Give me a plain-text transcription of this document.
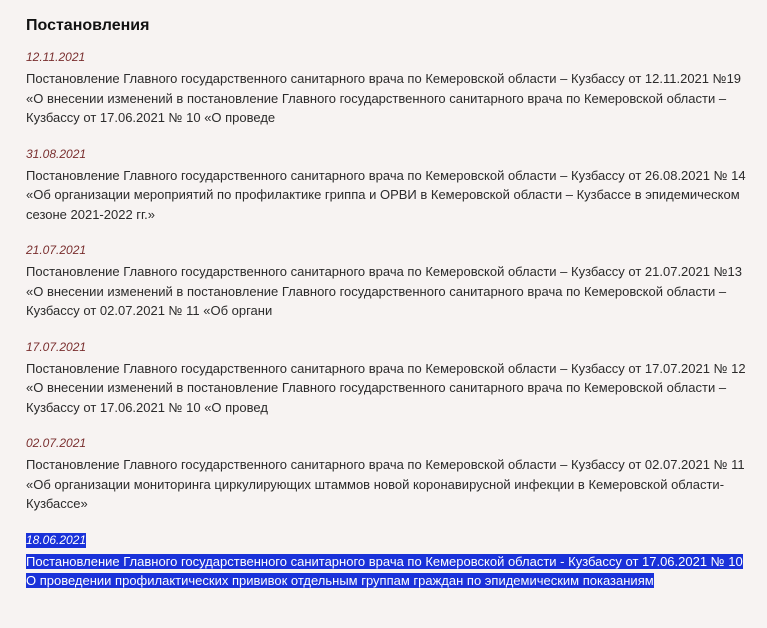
Постановления
12.11.2021
Постановление Главного государственного санитарного врача по Кемеровской области – Кузбассу от 12.11.2021 №19 «О внесении изменений в постановление Главного государственного санитарного врача по Кемеровской области – Кузбассу от 17.06.2021 № 10 «О проведе
31.08.2021
Постановление Главного государственного санитарного врача по Кемеровской области – Кузбассу от 26.08.2021 № 14 «Об организации мероприятий по профилактике гриппа и ОРВИ в Кемеровской области – Кузбассе в эпидемическом сезоне 2021-2022 гг.»
21.07.2021
Постановление Главного государственного санитарного врача по Кемеровской области – Кузбассу от 21.07.2021 №13 «О внесении изменений в постановление Главного государственного санитарного врача по Кемеровской области – Кузбассу от 02.07.2021 № 11 «Об органи
17.07.2021
Постановление Главного государственного санитарного врача по Кемеровской области – Кузбассу от 17.07.2021 № 12 «О внесении изменений в постановление Главного государственного санитарного врача по Кемеровской области – Кузбассу от 17.06.2021 № 10 «О провед
02.07.2021
Постановление Главного государственного санитарного врача по Кемеровской области – Кузбассу от 02.07.2021 № 11 «Об организации мониторинга циркулирующих штаммов новой коронавирусной инфекции в Кемеровской области-Кузбассе»
18.06.2021
Постановление Главного государственного санитарного врача по Кемеровской области - Кузбассу от 17.06.2021 № 10 О проведении профилактических прививок отдельным группам граждан по эпидемическим показаниям
